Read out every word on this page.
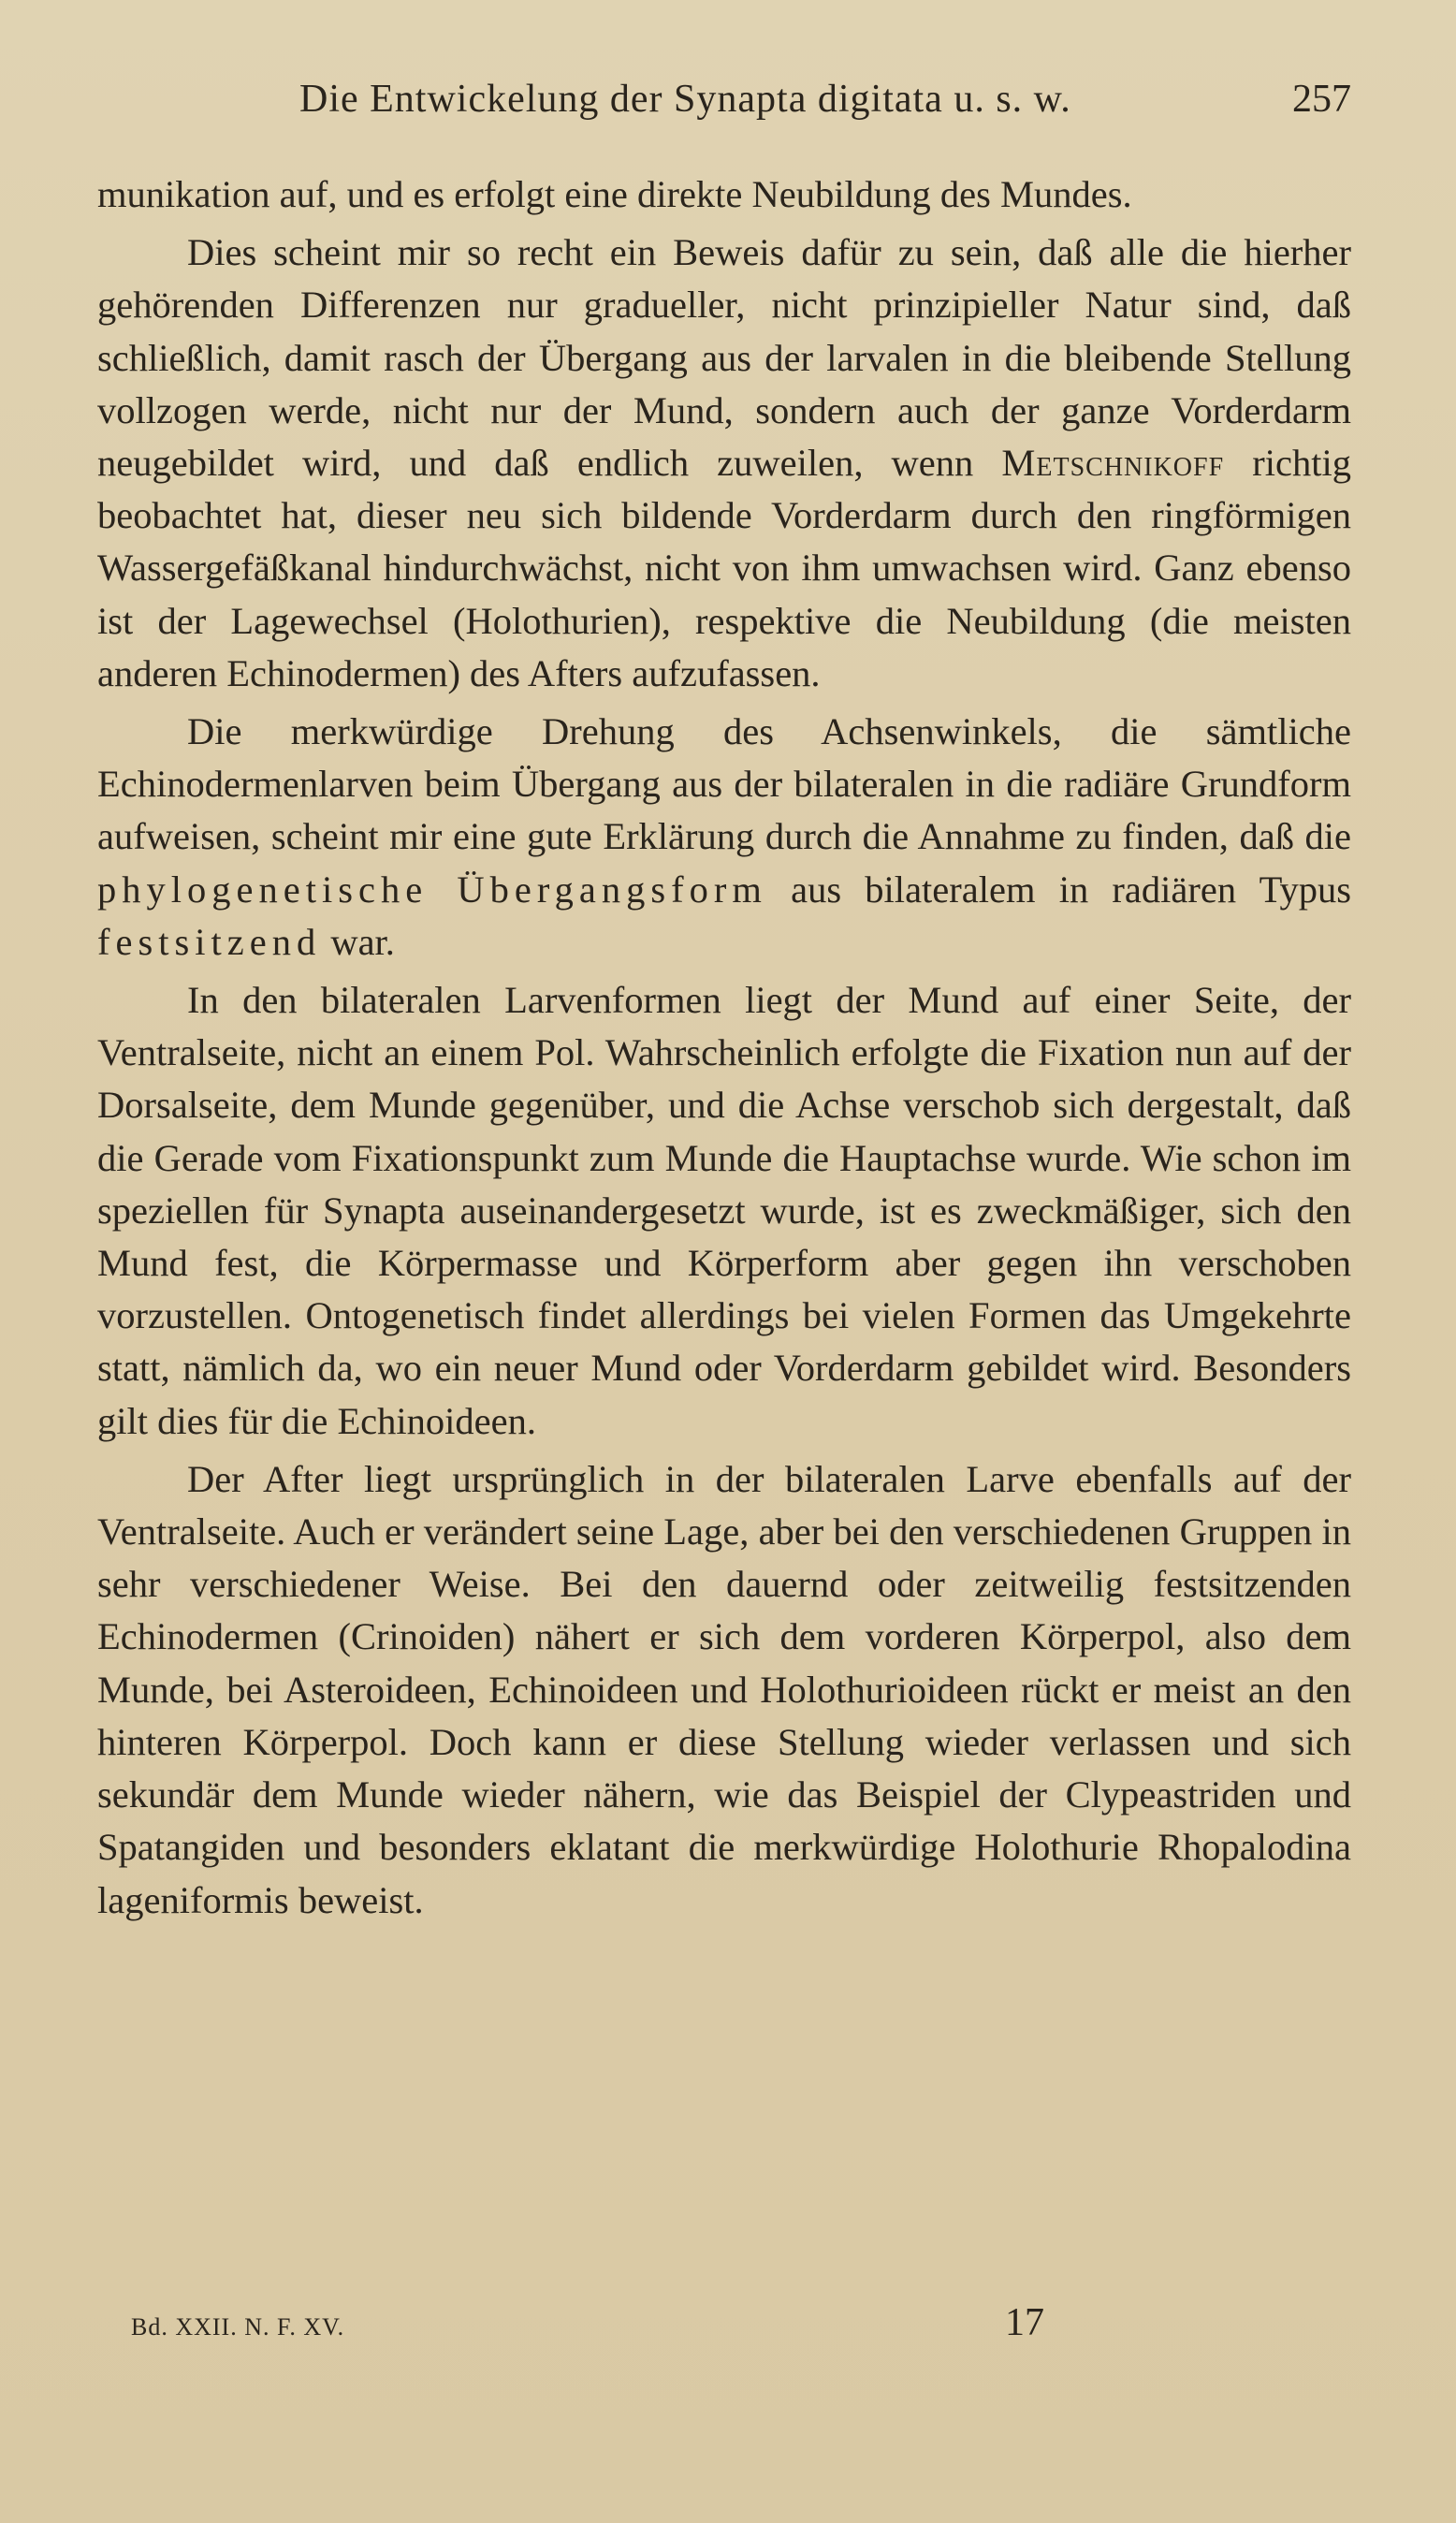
Die Entwickelung der Synapta digitata u. s. w.	257

munikation auf, und es erfolgt eine direkte Neubildung des Mundes.

Dies scheint mir so recht ein Beweis dafür zu sein, daß alle die hierher gehörenden Differenzen nur gradueller, nicht prinzipieller Natur sind, daß schließlich, damit rasch der Übergang aus der larvalen in die bleibende Stellung vollzogen werde, nicht nur der Mund, sondern auch der ganze Vorderdarm neugebildet wird, und daß endlich zuweilen, wenn Metschnikoff richtig beobachtet hat, dieser neu sich bildende Vorderdarm durch den ringförmigen Wassergefäßkanal hindurchwächst, nicht von ihm umwachsen wird. Ganz ebenso ist der Lagewechsel (Holothurien), respektive die Neubildung (die meisten anderen Echinodermen) des Afters aufzufassen.

Die merkwürdige Drehung des Achsenwinkels, die sämtliche Echinodermenlarven beim Übergang aus der bilateralen in die radiäre Grundform aufweisen, scheint mir eine gute Erklärung durch die Annahme zu finden, daß die phylogenetische Übergangsform aus bilateralem in radiären Typus festsitzend war.

In den bilateralen Larvenformen liegt der Mund auf einer Seite, der Ventralseite, nicht an einem Pol. Wahrscheinlich erfolgte die Fixation nun auf der Dorsalseite, dem Munde gegenüber, und die Achse verschob sich dergestalt, daß die Gerade vom Fixationspunkt zum Munde die Hauptachse wurde. Wie schon im speziellen für Synapta auseinandergesetzt wurde, ist es zweckmäßiger, sich den Mund fest, die Körpermasse und Körperform aber gegen ihn verschoben vorzustellen. Ontogenetisch findet allerdings bei vielen Formen das Umgekehrte statt, nämlich da, wo ein neuer Mund oder Vorderdarm gebildet wird. Besonders gilt dies für die Echinoideen.

Der After liegt ursprünglich in der bilateralen Larve ebenfalls auf der Ventralseite. Auch er verändert seine Lage, aber bei den verschiedenen Gruppen in sehr verschiedener Weise. Bei den dauernd oder zeitweilig festsitzenden Echinodermen (Crinoiden) nähert er sich dem vorderen Körperpol, also dem Munde, bei Asteroideen, Echinoideen und Holothurioideen rückt er meist an den hinteren Körperpol. Doch kann er diese Stellung wieder verlassen und sich sekundär dem Munde wieder nähern, wie das Beispiel der Clypeastriden und Spatangiden und besonders eklatant die merkwürdige Holothurie Rhopalodina lageniformis beweist.

Bd. XXII. N. F. XV.	17
